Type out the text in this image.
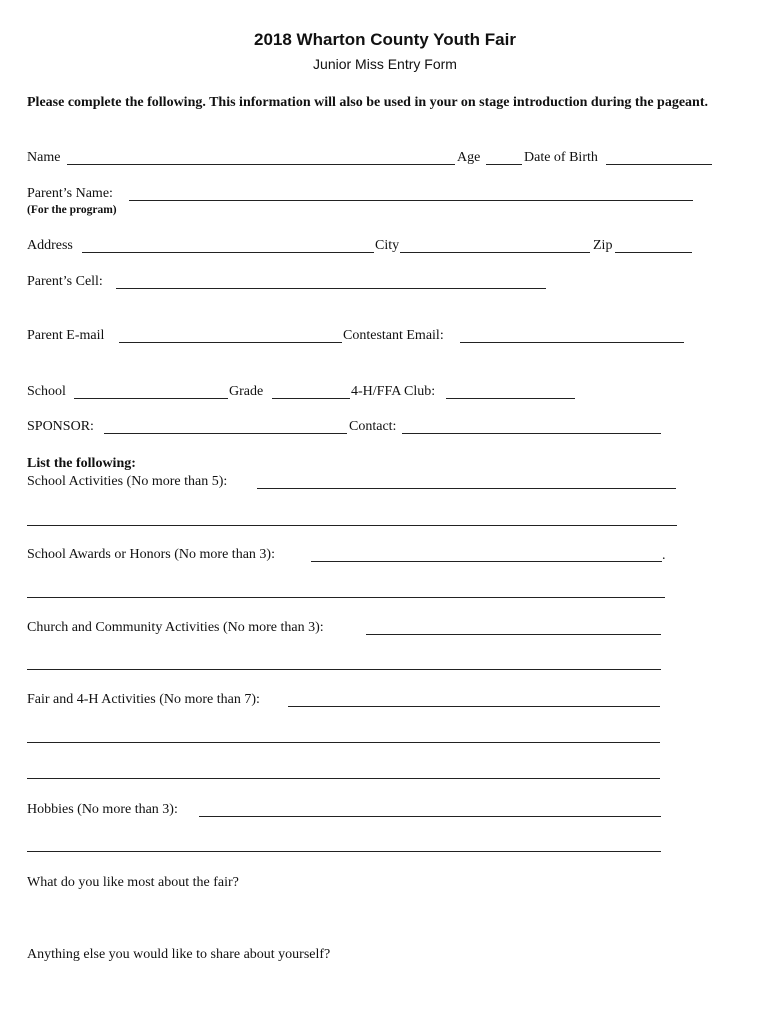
2018 Wharton County Youth Fair
Junior Miss Entry Form
Please complete the following. This information will also be used in your on stage introduction during the pageant.
Name	Age	Date of Birth
Parent’s Name:
(For the program)
Address	City	Zip
Parent’s Cell:
Parent E-mail	Contestant Email:
School	Grade	4-H/FFA Club:
SPONSOR:	Contact:
List the following:
School Activities (No more than 5):
School Awards or Honors (No more than 3):	.
Church and Community Activities (No more than 3):
Fair and 4-H Activities (No more than 7):
Hobbies (No more than 3):
What do you like most about the fair?
Anything else you would like to share about yourself?
